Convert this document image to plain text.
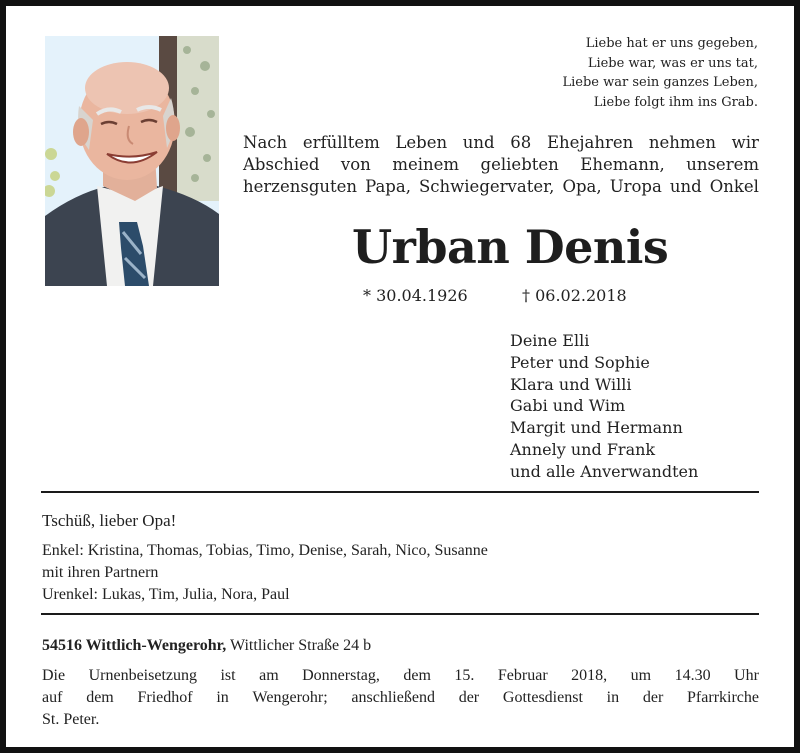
Liebe hat er uns gegeben,
Liebe war, was er uns tat,
Liebe war sein ganzes Leben,
Liebe folgt ihm ins Grab.
Nach erfülltem Leben und 68 Ehejahren nehmen wir
Abschied von meinem geliebten Ehemann, unserem
herzensguten Papa, Schwiegervater, Opa, Uropa und Onkel
Urban Denis
* 30.04.1926	† 06.02.2018
Deine Elli
Peter und Sophie
Klara und Willi
Gabi und Wim
Margit und Hermann
Annely und Frank
und alle Anverwandten
Tschüß, lieber Opa!
Enkel: Kristina, Thomas, Tobias, Timo, Denise, Sarah, Nico, Susanne
mit ihren Partnern
Urenkel: Lukas, Tim, Julia, Nora, Paul
54516 Wittlich-Wengerohr, Wittlicher Straße 24 b
Die Urnenbeisetzung ist am Donnerstag, dem 15. Februar 2018, um 14.30 Uhr
auf dem Friedhof in Wengerohr; anschließend der Gottesdienst in der Pfarrkirche
St. Peter.
